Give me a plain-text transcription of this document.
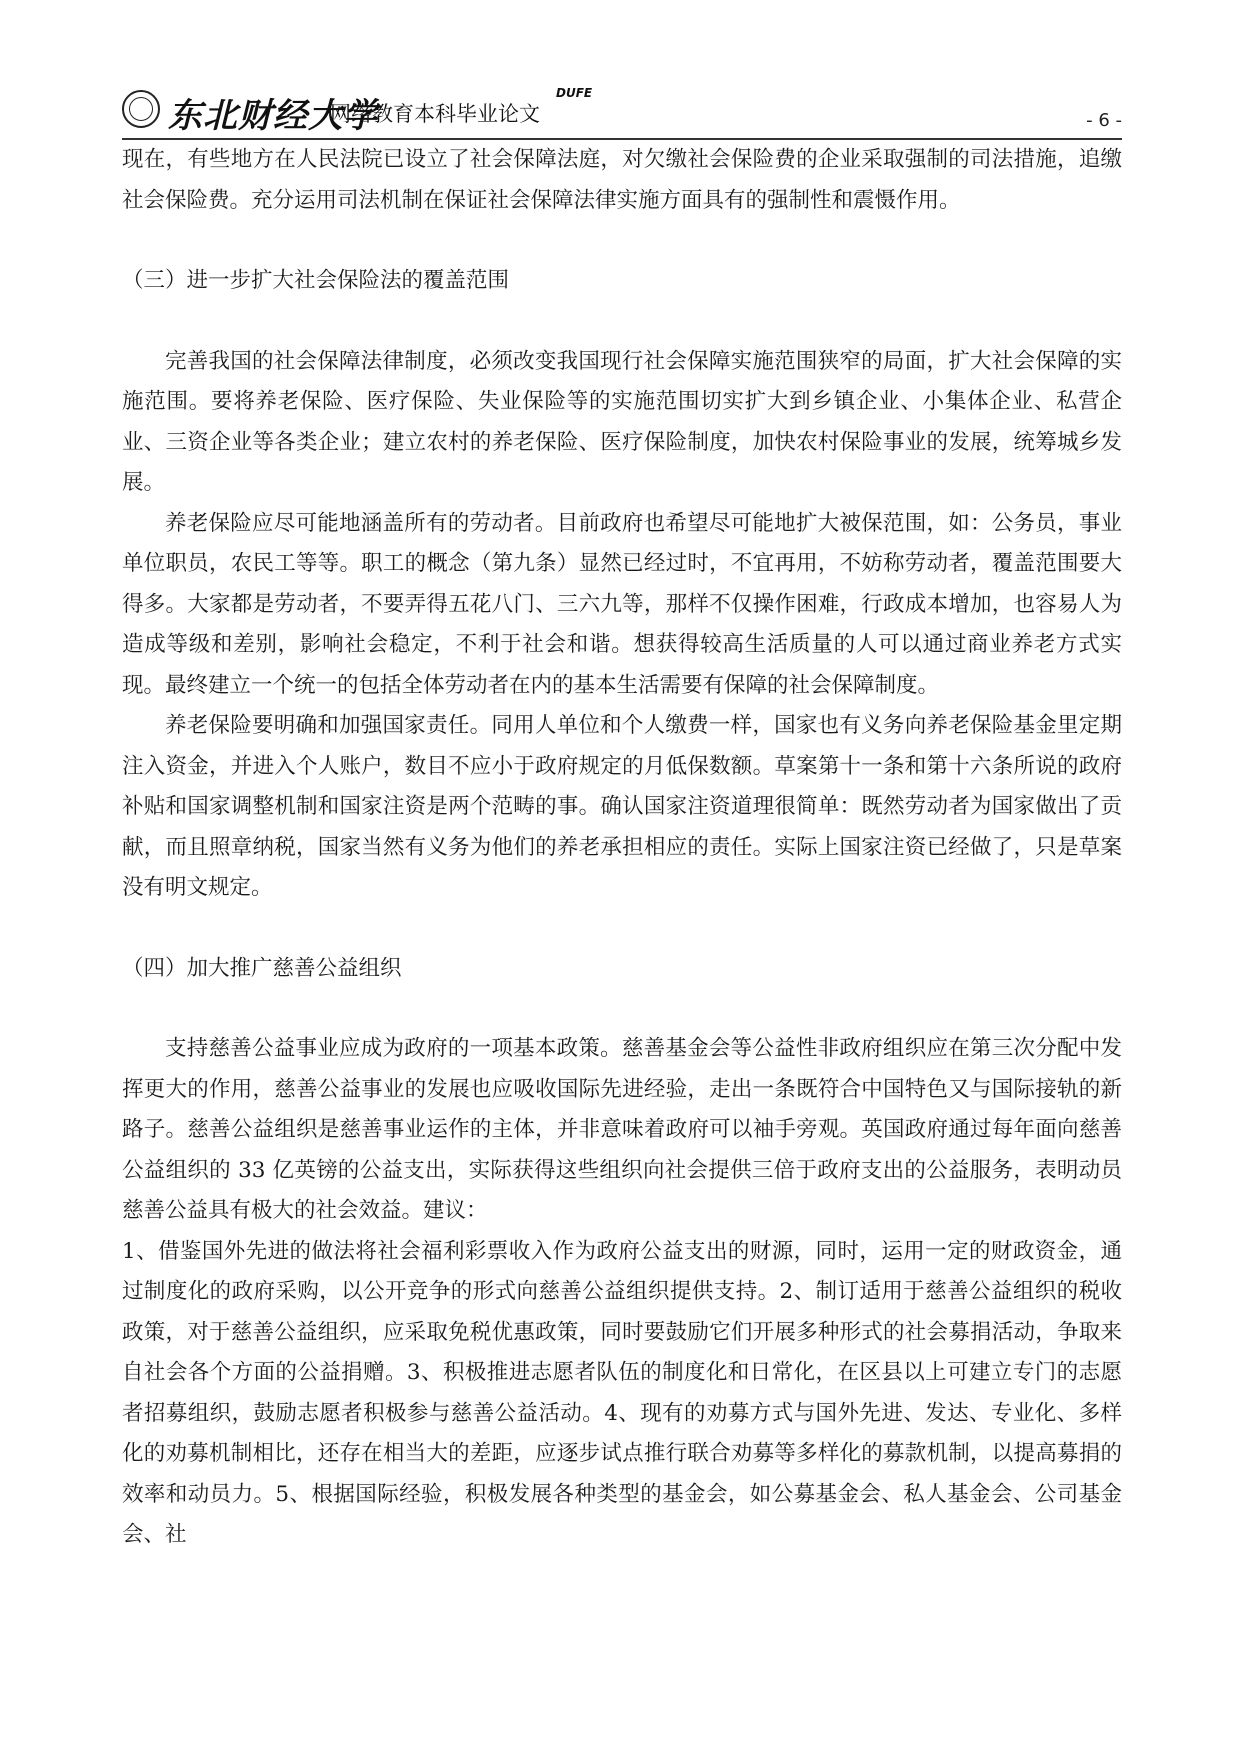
东北财经大学
网络教育本科毕业论文
DUFE
- 6 -

现在，有些地方在人民法院已设立了社会保障法庭，对欠缴社会保险费的企业采取强制的司法措施，追缴社会保险费。充分运用司法机制在保证社会保障法律实施方面具有的强制性和震慑作用。

（三）进一步扩大社会保险法的覆盖范围

完善我国的社会保障法律制度，必须改变我国现行社会保障实施范围狭窄的局面，扩大社会保障的实施范围。要将养老保险、医疗保险、失业保险等的实施范围切实扩大到乡镇企业、小集体企业、私营企业、三资企业等各类企业；建立农村的养老保险、医疗保险制度，加快农村保险事业的发展，统筹城乡发展。

养老保险应尽可能地涵盖所有的劳动者。目前政府也希望尽可能地扩大被保范围，如：公务员，事业单位职员，农民工等等。职工的概念（第九条）显然已经过时，不宜再用，不妨称劳动者，覆盖范围要大得多。大家都是劳动者，不要弄得五花八门、三六九等，那样不仅操作困难，行政成本增加，也容易人为造成等级和差别，影响社会稳定，不利于社会和谐。想获得较高生活质量的人可以通过商业养老方式实现。最终建立一个统一的包括全体劳动者在内的基本生活需要有保障的社会保障制度。

养老保险要明确和加强国家责任。同用人单位和个人缴费一样，国家也有义务向养老保险基金里定期注入资金，并进入个人账户，数目不应小于政府规定的月低保数额。草案第十一条和第十六条所说的政府补贴和国家调整机制和国家注资是两个范畴的事。确认国家注资道理很简单：既然劳动者为国家做出了贡献，而且照章纳税，国家当然有义务为他们的养老承担相应的责任。实际上国家注资已经做了，只是草案没有明文规定。

（四）加大推广慈善公益组织

支持慈善公益事业应成为政府的一项基本政策。慈善基金会等公益性非政府组织应在第三次分配中发挥更大的作用，慈善公益事业的发展也应吸收国际先进经验，走出一条既符合中国特色又与国际接轨的新路子。慈善公益组织是慈善事业运作的主体，并非意味着政府可以袖手旁观。英国政府通过每年面向慈善公益组织的 33 亿英镑的公益支出，实际获得这些组织向社会提供三倍于政府支出的公益服务，表明动员慈善公益具有极大的社会效益。建议：

1、借鉴国外先进的做法将社会福利彩票收入作为政府公益支出的财源，同时，运用一定的财政资金，通过制度化的政府采购，以公开竞争的形式向慈善公益组织提供支持。2、制订适用于慈善公益组织的税收政策，对于慈善公益组织，应采取免税优惠政策，同时要鼓励它们开展多种形式的社会募捐活动，争取来自社会各个方面的公益捐赠。3、积极推进志愿者队伍的制度化和日常化，在区县以上可建立专门的志愿者招募组织，鼓励志愿者积极参与慈善公益活动。4、现有的劝募方式与国外先进、发达、专业化、多样化的劝募机制相比，还存在相当大的差距，应逐步试点推行联合劝募等多样化的募款机制，以提高募捐的效率和动员力。5、根据国际经验，积极发展各种类型的基金会，如公募基金会、私人基金会、公司基金会、社
